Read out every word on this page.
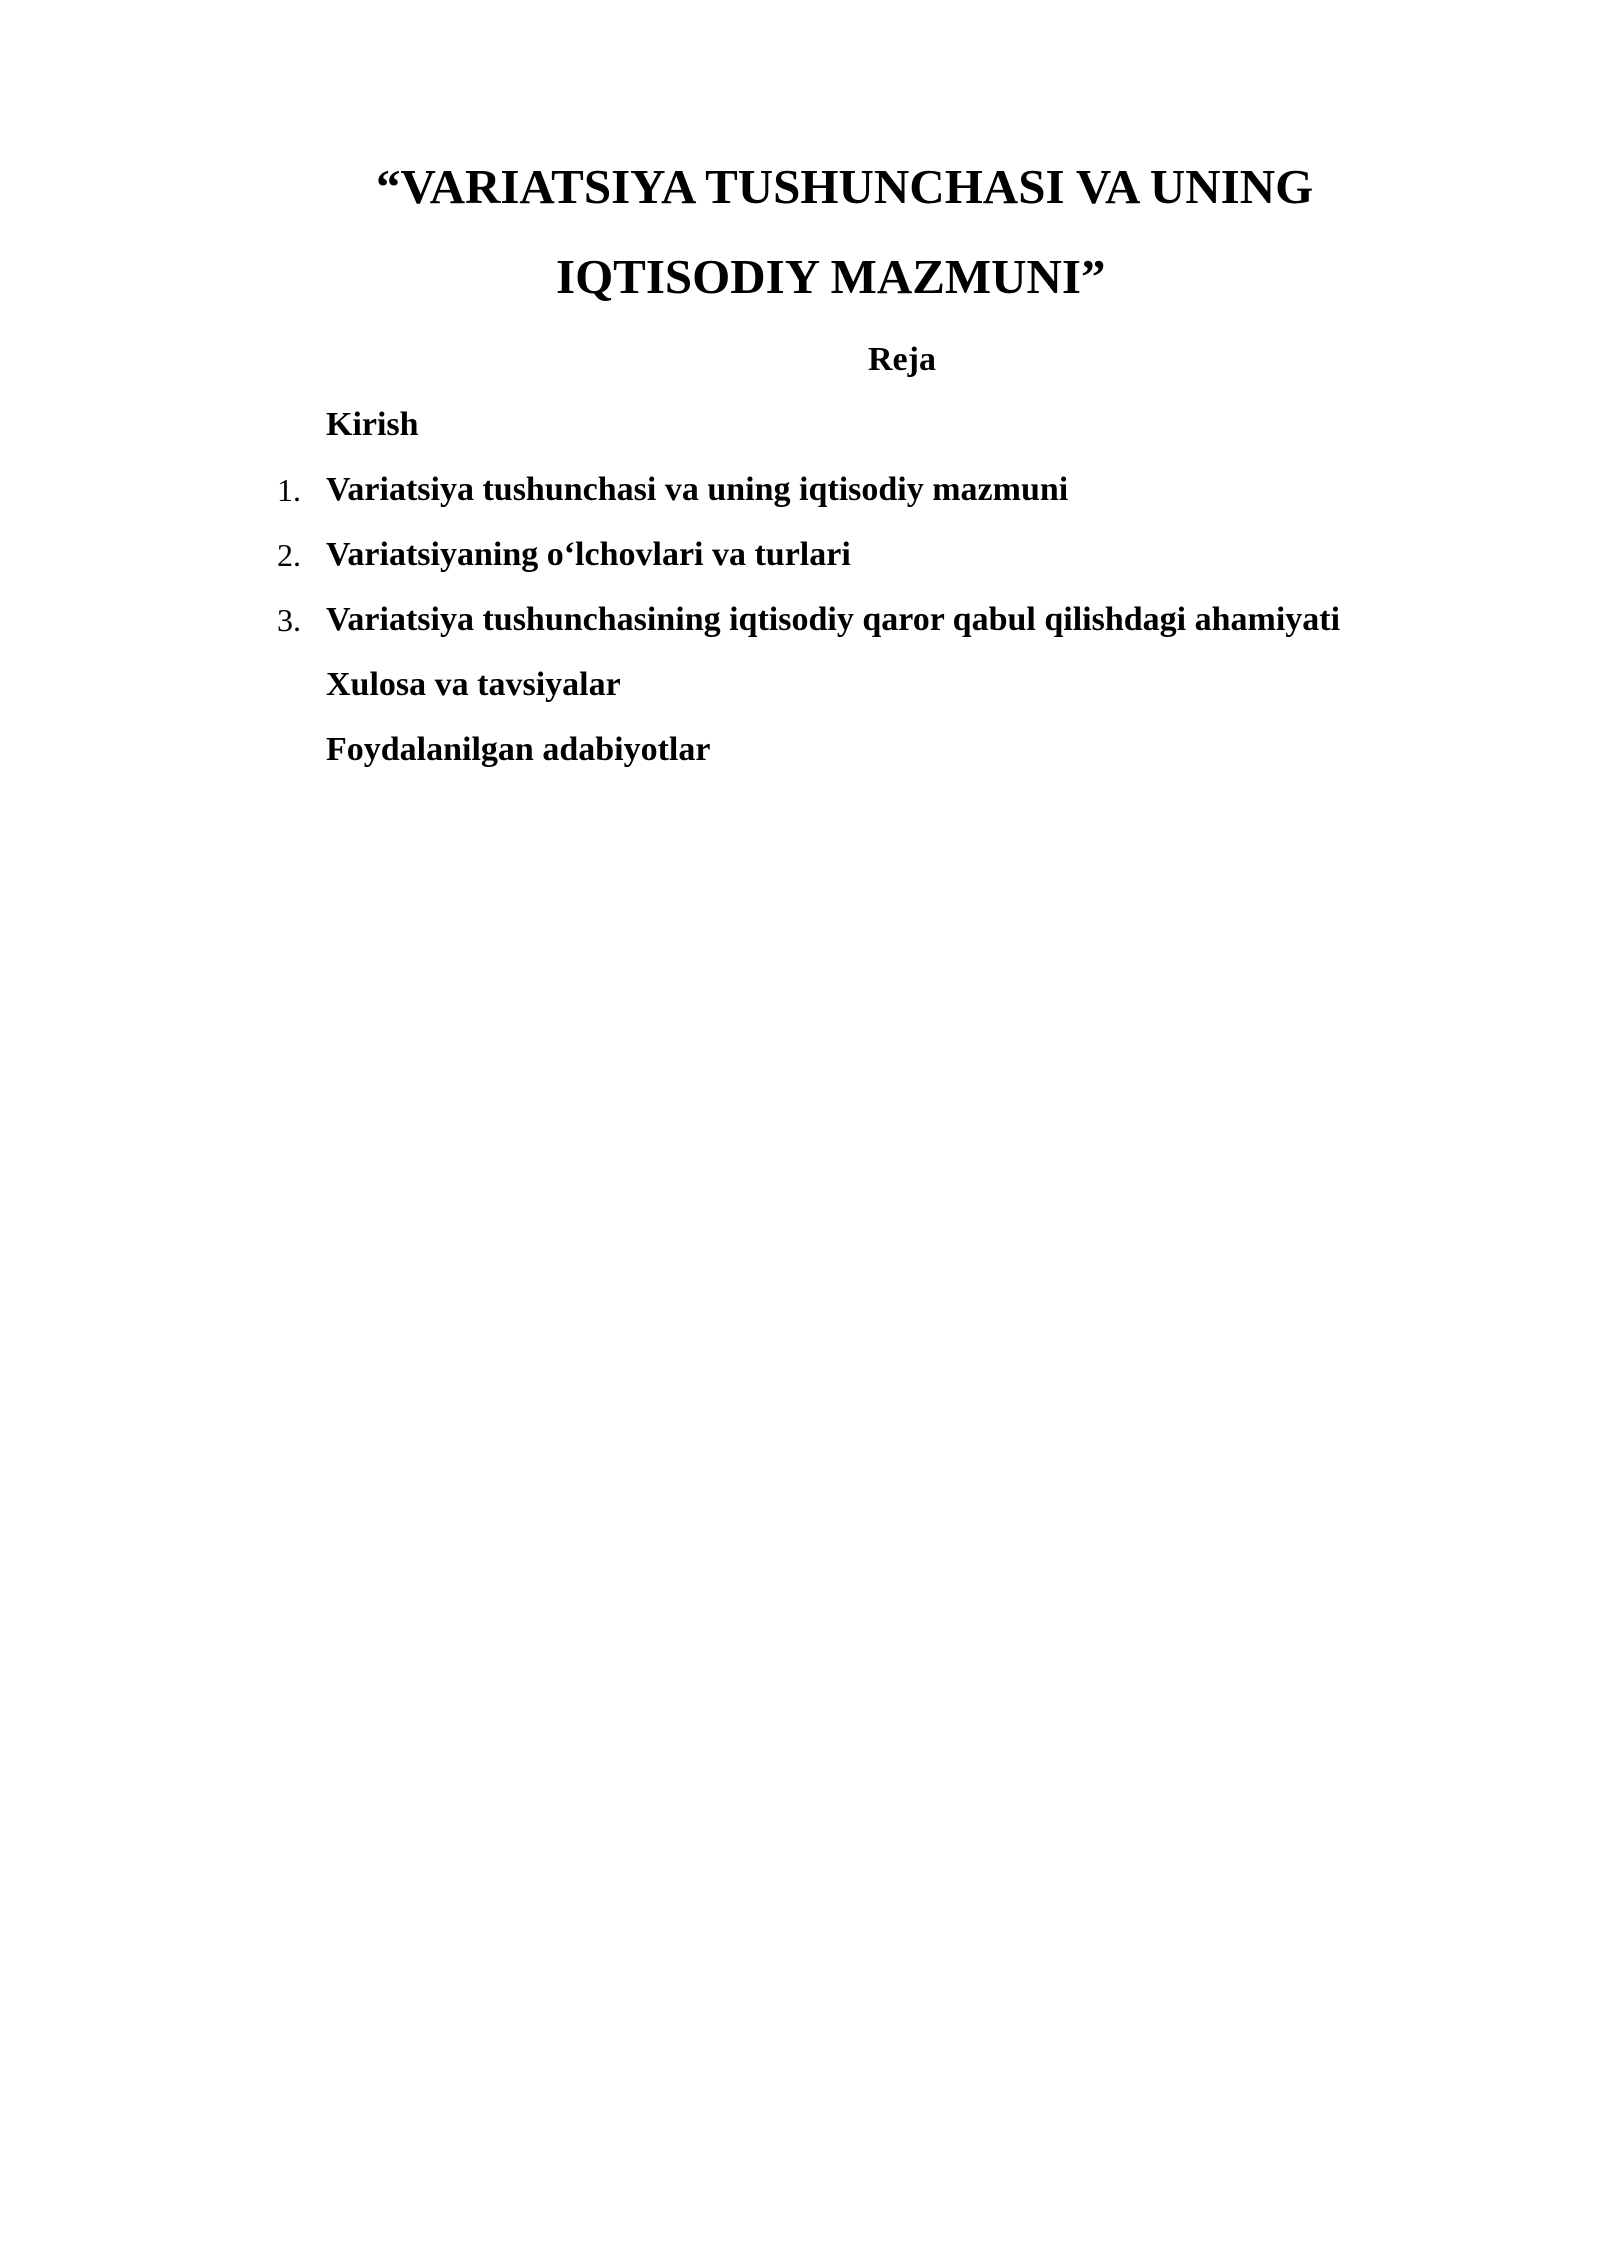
“VARIATSIYA TUSHUNCHASI VA UNING
IQTISODIY MAZMUNI”
Reja
Kirish
1. Variatsiya tushunchasi va uning iqtisodiy mazmuni
2. Variatsiyaning o‘lchovlari va turlari
3. Variatsiya tushunchasining iqtisodiy qaror qabul qilishdagi ahamiyati
Xulosa va tavsiyalar
Foydalanilgan adabiyotlar
